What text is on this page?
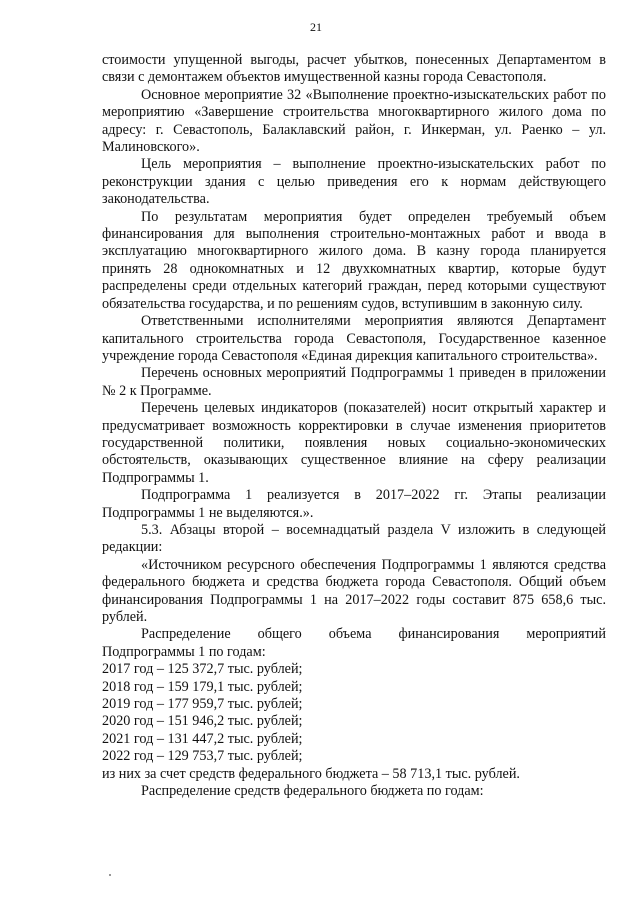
21

стоимости упущенной выгоды, расчет убытков, понесенных Департаментом в связи с демонтажем объектов имущественной казны города Севастополя.

Основное мероприятие 32 «Выполнение проектно-изыскательских работ по мероприятию «Завершение строительства многоквартирного жилого дома по адресу: г. Севастополь, Балаклавский район, г. Инкерман, ул. Раенко – ул. Малиновского».

Цель мероприятия – выполнение проектно-изыскательских работ по реконструкции здания с целью приведения его к нормам действующего законодательства.

По результатам мероприятия будет определен требуемый объем финансирования для выполнения строительно-монтажных работ и ввода в эксплуатацию многоквартирного жилого дома. В казну города планируется принять 28 однокомнатных и 12 двухкомнатных квартир, которые будут распределены среди отдельных категорий граждан, перед которыми существуют обязательства государства, и по решениям судов, вступившим в законную силу.

Ответственными исполнителями мероприятия являются Департамент капитального строительства города Севастополя, Государственное казенное учреждение города Севастополя «Единая дирекция капитального строительства».

Перечень основных мероприятий Подпрограммы 1 приведен в приложении № 2 к Программе.

Перечень целевых индикаторов (показателей) носит открытый характер и предусматривает возможность корректировки в случае изменения приоритетов государственной политики, появления новых социально-экономических обстоятельств, оказывающих существенное влияние на сферу реализации Подпрограммы 1.

Подпрограмма 1 реализуется в 2017–2022 гг. Этапы реализации Подпрограммы 1 не выделяются.».

5.3. Абзацы второй – восемнадцатый раздела V изложить в следующей редакции:

«Источником ресурсного обеспечения Подпрограммы 1 являются средства федерального бюджета и средства бюджета города Севастополя. Общий объем финансирования Подпрограммы 1 на 2017–2022 годы составит 875 658,6 тыс. рублей.

Распределение общего объема финансирования мероприятий

Подпрограммы 1 по годам:

2017 год – 125 372,7 тыс. рублей;

2018 год – 159 179,1 тыс. рублей;

2019 год – 177 959,7 тыс. рублей;

2020 год – 151 946,2 тыс. рублей;

2021 год – 131 447,2 тыс. рублей;

2022 год – 129 753,7 тыс. рублей;

из них за счет средств федерального бюджета – 58 713,1 тыс. рублей.

Распределение средств федерального бюджета по годам:
